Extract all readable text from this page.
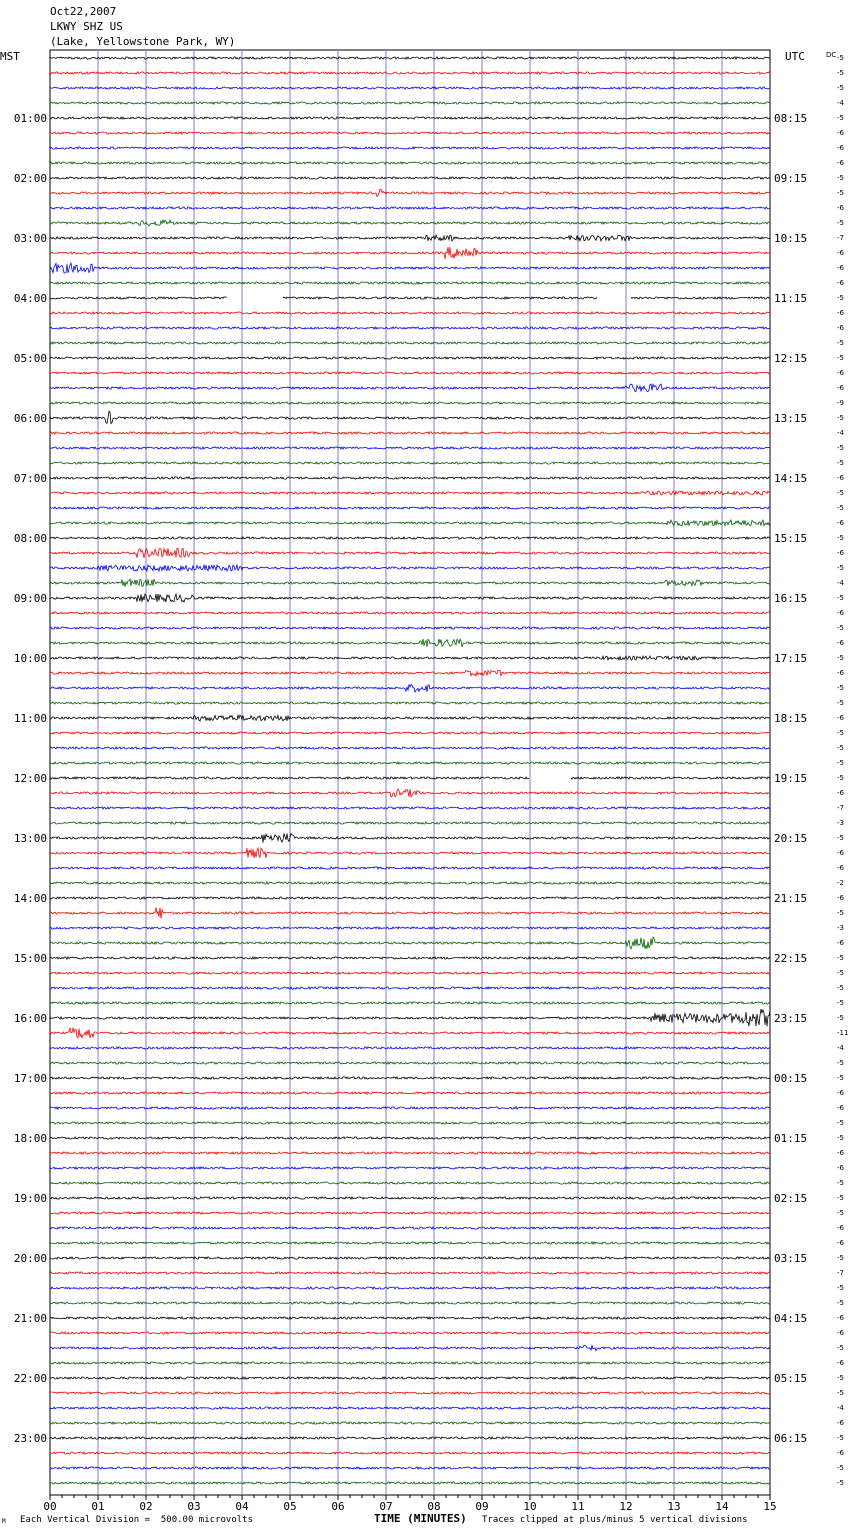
Oct22,2007
LKWY SHZ US
(Lake, Yellowstone Park, WY)
MST	UTC
00	01	02	03	04	05	06	07	08	09	10	11	12	13	14	15
-5
-5
-5
-4
-5
-6
-6
-6
-5
-5
-6
-5
-7
-6
-6
-6
-5
-6
-6
-5
-5
-6
-6
-9
-5
-4
-5
-5
-6
-5
-5
-6
-5
-6
-5
-4
-5
-6
-5
-6
-5
-6
-5
-5
-6
-5
-5
-5
-5
-6
-7
-3
-5
-6
-6
-2
-6
-5
-3
-6
-5
-5
-5
-5
-5
-11
-4
-5
-5
-6
-6
-5
-5
-6
-6
-5
-5
-5
-6
-6
-5
-7
-5
-5
-6
-6
-5
-6
-5
-5
-4
-6
-5
-6
-5
-5
01:00	08:15
02:00	09:15
03:00	10:15
04:00	11:15
05:00	12:15
06:00	13:15
07:00	14:15
08:00	15:15
09:00	16:15
10:00	17:15
11:00	18:15
12:00	19:15
13:00	20:15
14:00	21:15
15:00	22:15
16:00	23:15
17:00	00:15
18:00	01:15
19:00	02:15
20:00	03:15
21:00	04:15
22:00	05:15
23:00	06:15
DC
M Each Vertical Division =  500.00 microvolts	TIME (MINUTES) Traces clipped at plus/minus 5 vertical divisions
